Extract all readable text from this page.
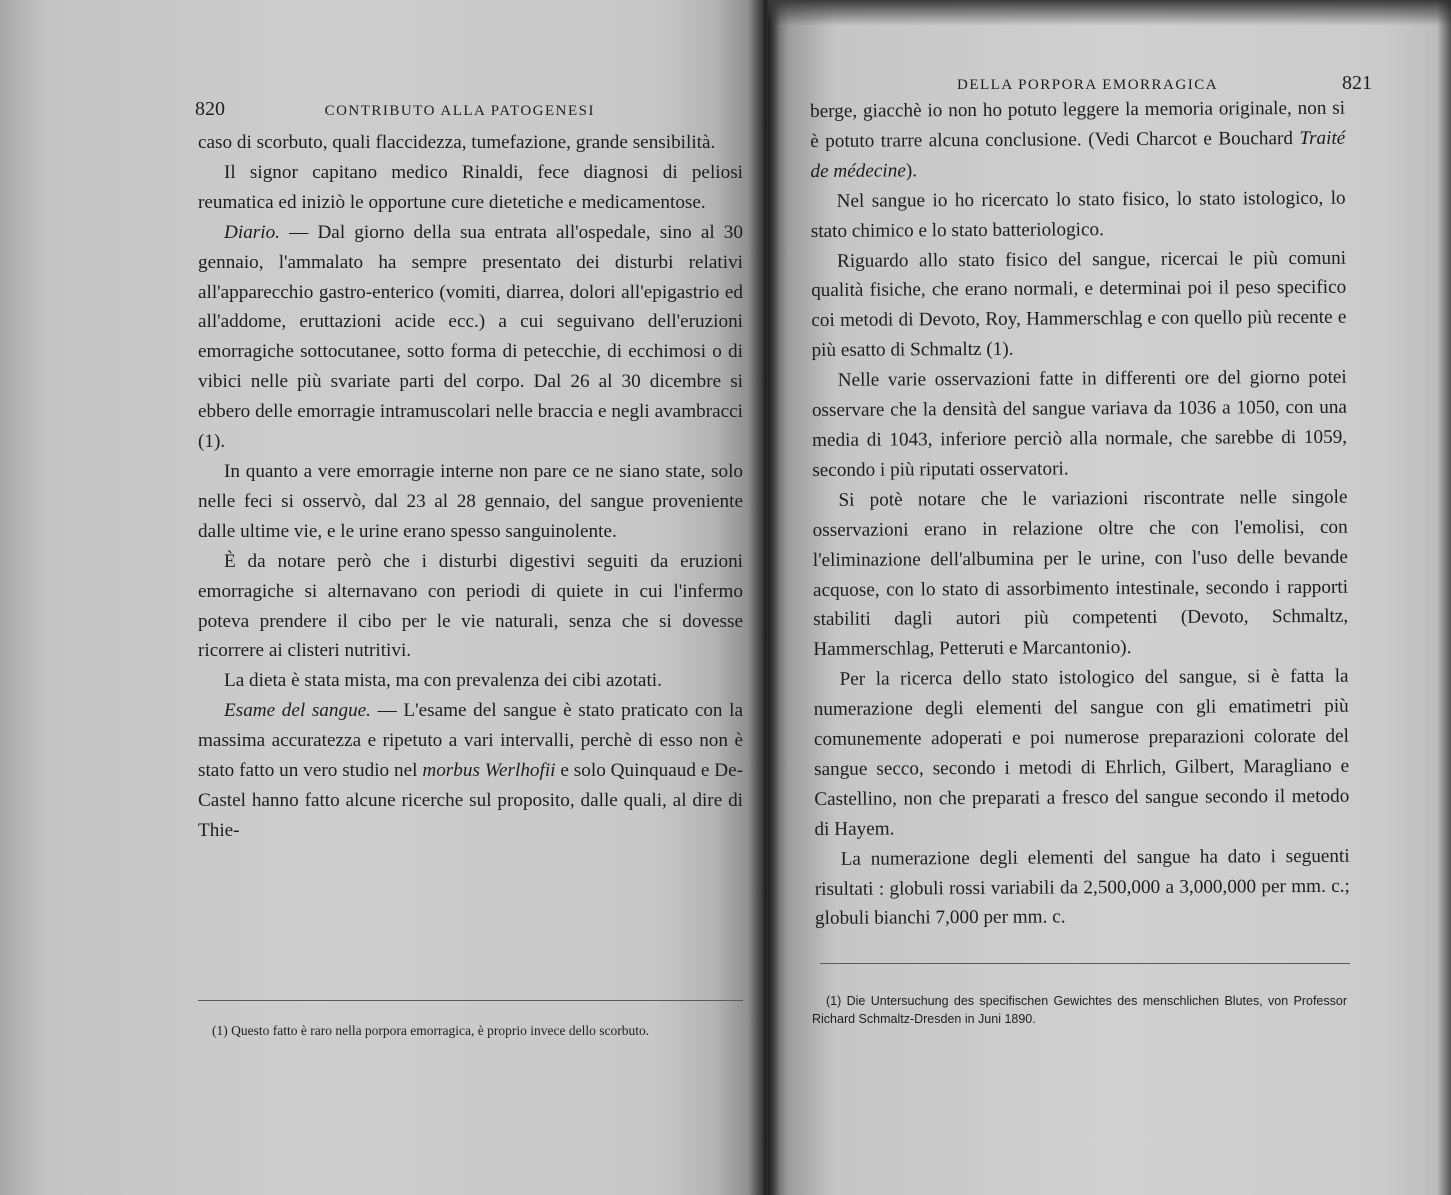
820	CONTRIBUTO ALLA PATOGENESI

caso di scorbuto, quali flaccidezza, tumefazione, grande sensibilità.

Il signor capitano medico Rinaldi, fece diagnosi di peliosi reumatica ed iniziò le opportune cure dietetiche e medicamentose.

Diario. — Dal giorno della sua entrata all'ospedale, sino al 30 gennaio, l'ammalato ha sempre presentato dei disturbi relativi all'apparecchio gastro-enterico (vomiti, diarrea, dolori all'epigastrio ed all'addome, eruttazioni acide ecc.) a cui seguivano dell'eruzioni emorragiche sottocutanee, sotto forma di petecchie, di ecchimosi o di vibici nelle più svariate parti del corpo. Dal 26 al 30 dicembre si ebbero delle emorragie intramuscolari nelle braccia e negli avambracci (1).

In quanto a vere emorragie interne non pare ce ne siano state, solo nelle feci si osservò, dal 23 al 28 gennaio, del sangue proveniente dalle ultime vie, e le urine erano spesso sanguinolente.

È da notare però che i disturbi digestivi seguiti da eruzioni emorragiche si alternavano con periodi di quiete in cui l'infermo poteva prendere il cibo per le vie naturali, senza che si dovesse ricorrere ai clisteri nutritivi.

La dieta è stata mista, ma con prevalenza dei cibi azotati.

Esame del sangue. — L'esame del sangue è stato praticato con la massima accuratezza e ripetuto a vari intervalli, perchè di esso non è stato fatto un vero studio nel morbus Werlhofii e solo Quinquaud e De-Castel hanno fatto alcune ricerche sul proposito, dalle quali, al dire di Thie-

(1) Questo fatto è raro nella porpora emorragica, è proprio invece dello scorbuto.

DELLA PORPORA EMORRAGICA	821

berge, giacchè io non ho potuto leggere la memoria originale, non si è potuto trarre alcuna conclusione. (Vedi Charcot e Bouchard Traité de médecine).

Nel sangue io ho ricercato lo stato fisico, lo stato istologico, lo stato chimico e lo stato batteriologico.

Riguardo allo stato fisico del sangue, ricercai le più comuni qualità fisiche, che erano normali, e determinai poi il peso specifico coi metodi di Devoto, Roy, Hammerschlag e con quello più recente e più esatto di Schmaltz (1).

Nelle varie osservazioni fatte in differenti ore del giorno potei osservare che la densità del sangue variava da 1036 a 1050, con una media di 1043, inferiore perciò alla normale, che sarebbe di 1059, secondo i più riputati osservatori.

Si potè notare che le variazioni riscontrate nelle singole osservazioni erano in relazione oltre che con l'emolisi, con l'eliminazione dell'albumina per le urine, con l'uso delle bevande acquose, con lo stato di assorbimento intestinale, secondo i rapporti stabiliti dagli autori più competenti (Devoto, Schmaltz, Hammerschlag, Petteruti e Marcantonio).

Per la ricerca dello stato istologico del sangue, si è fatta la numerazione degli elementi del sangue con gli ematimetri più comunemente adoperati e poi numerose preparazioni colorate del sangue secco, secondo i metodi di Ehrlich, Gilbert, Maragliano e Castellino, non che preparati a fresco del sangue secondo il metodo di Hayem.

La numerazione degli elementi del sangue ha dato i seguenti risultati : globuli rossi variabili da 2,500,000 a 3,000,000 per mm. c.; globuli bianchi 7,000 per mm. c.

(1) Die Untersuchung des specifischen Gewichtes des menschlichen Blutes, von Professor Richard Schmaltz-Dresden in Juni 1890.
